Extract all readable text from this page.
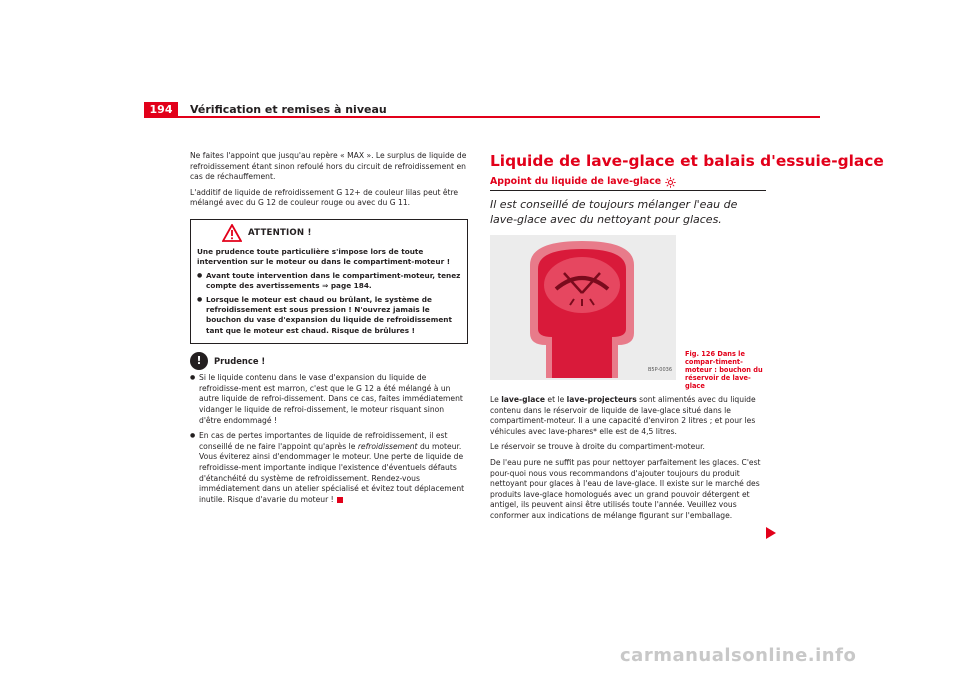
194	Vérification et remises à niveau

Ne faites l'appoint que jusqu'au repère « MAX ». Le surplus de liquide de refroidissement étant sinon refoulé hors du circuit de refroidissement en cas de réchauffement.

L'additif de liquide de refroidissement G 12+ de couleur lilas peut être mélangé avec du G 12 de couleur rouge ou avec du G 11.

ATTENTION !

Une prudence toute particulière s'impose lors de toute intervention sur le moteur ou dans le compartiment-moteur !

● Avant toute intervention dans le compartiment-moteur, tenez compte des avertissements ⇒ page 184.

● Lorsque le moteur est chaud ou brûlant, le système de refroidissement est sous pression ! N'ouvrez jamais le bouchon du vase d'expansion du liquide de refroidissement tant que le moteur est chaud. Risque de brûlures !

!	Prudence !

● Si le liquide contenu dans le vase d'expansion du liquide de refroidisse-ment est marron, c'est que le G 12 a été mélangé à un autre liquide de refroi-dissement. Dans ce cas, faites immédiatement vidanger le liquide de refroi-dissement, le moteur risquant sinon d'être endommagé !

● En cas de pertes importantes de liquide de refroidissement, il est conseillé de ne faire l'appoint qu'après le refroidissement du moteur. Vous éviterez ainsi d'endommager le moteur. Une perte de liquide de refroidisse-ment importante indique l'existence d'éventuels défauts d'étanchéité du système de refroidissement. Rendez-vous immédiatement dans un atelier spécialisé et évitez tout déplacement inutile. Risque d'avarie du moteur !

Liquide de lave-glace et balais d'essuie-glace
Appoint du liquide de lave-glace
Il est conseillé de toujours mélanger l'eau de lave-glace avec du nettoyant pour glaces.
B5P-0036
Fig. 126 Dans le compar-timent-moteur : bouchon du réservoir de lave-glace

Le lave-glace et le lave-projecteurs sont alimentés avec du liquide contenu dans le réservoir de liquide de lave-glace situé dans le compartiment-moteur. Il a une capacité d'environ 2 litres ; et pour les véhicules avec lave-phares* elle est de 4,5 litres.

Le réservoir se trouve à droite du compartiment-moteur.

De l'eau pure ne suffit pas pour nettoyer parfaitement les glaces. C'est pour-quoi nous vous recommandons d'ajouter toujours du produit nettoyant pour glaces à l'eau de lave-glace. Il existe sur le marché des produits lave-glace homologués avec un grand pouvoir détergent et antigel, ils peuvent ainsi être utilisés toute l'année. Veuillez vous conformer aux indications de mélange figurant sur l'emballage.

carmanualsonline.info
